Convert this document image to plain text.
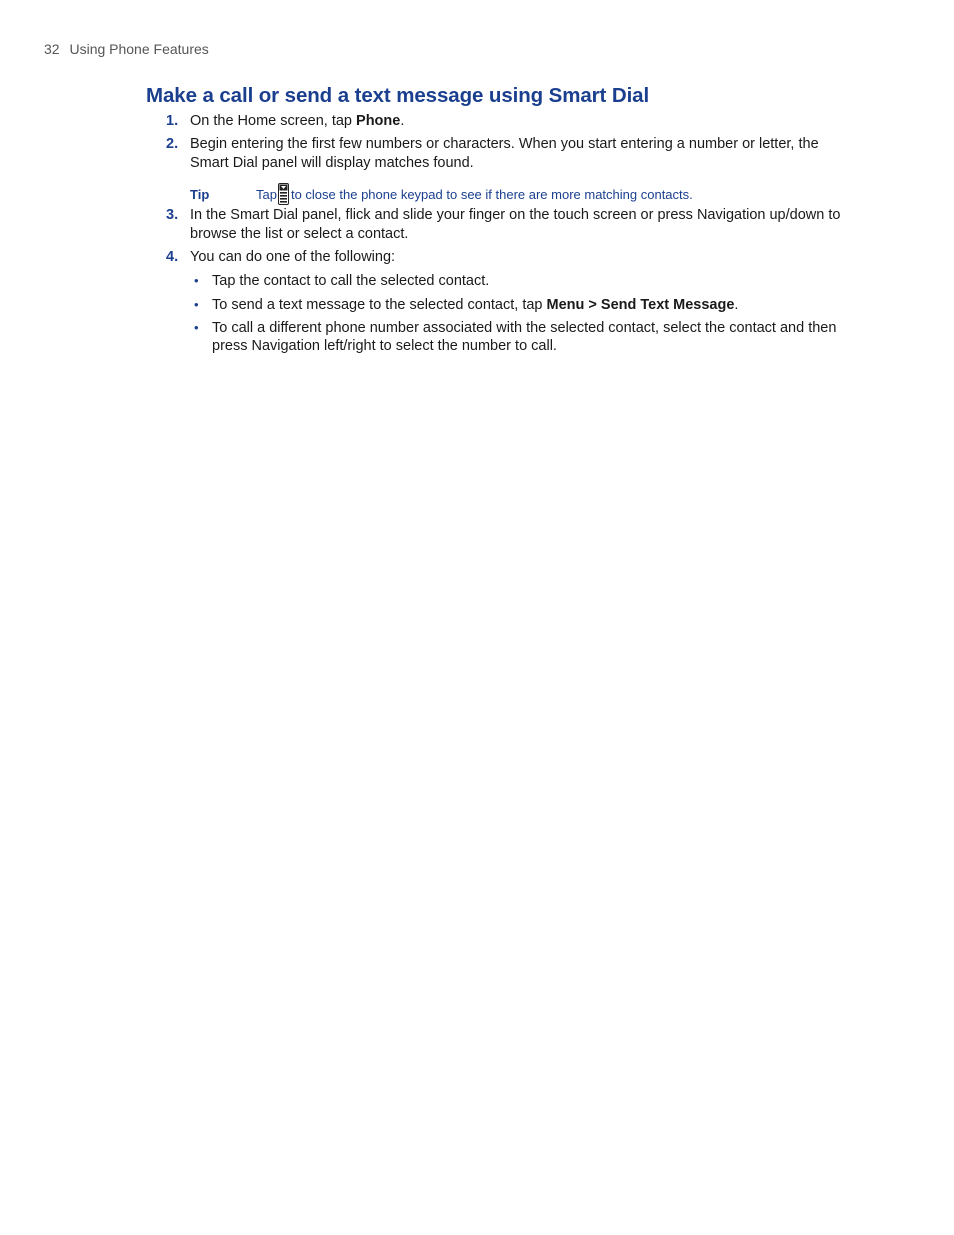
32 Using Phone Features
Make a call or send a text message using Smart Dial
1. On the Home screen, tap Phone.
2. Begin entering the first few numbers or characters. When you start entering a number or letter, the Smart Dial panel will display matches found.
Tip	Tap to close the phone keypad to see if there are more matching contacts.
3. In the Smart Dial panel, flick and slide your finger on the touch screen or press Navigation up/down to browse the list or select a contact.
4. You can do one of the following:
• Tap the contact to call the selected contact.
• To send a text message to the selected contact, tap Menu > Send Text Message.
• To call a different phone number associated with the selected contact, select the contact and then press Navigation left/right to select the number to call.
